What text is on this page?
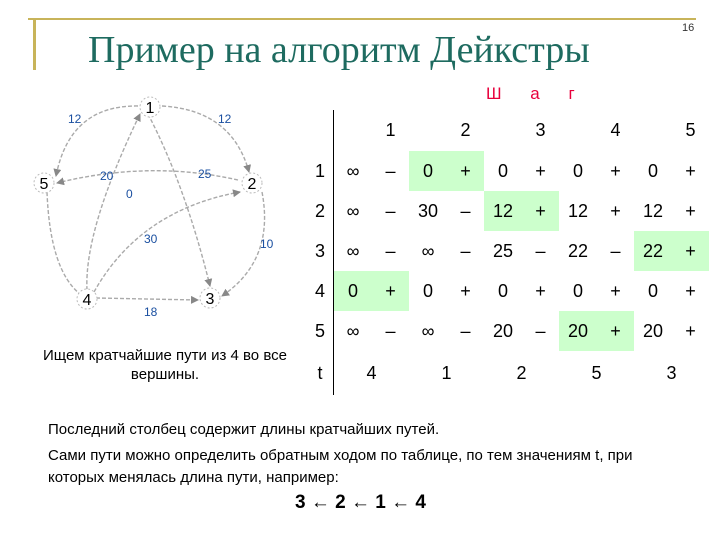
16
Пример на алгоритм Дейкстры
Ш а г
1
2
3
4
5
12	12
20	25
0
30	10
18
Ищем кратчайшие пути из 4 во все вершины.
		1		2		3		4		5
1	∞	–	0	+	0	+	0	+	0	+
2	∞	–	30	–	12	+	12	+	12	+
3	∞	–	∞	–	25	–	22	–	22	+
4	0	+	0	+	0	+	0	+	0	+
5	∞	–	∞	–	20	–	20	+	20	+
t	4		1		2		5		3	

Последний столбец содержит длины кратчайших путей.

Сами пути можно определить обратным ходом по таблице, по тем значениям t, при которых менялась длина пути, например:

3 ← 2 ← 1 ← 4
